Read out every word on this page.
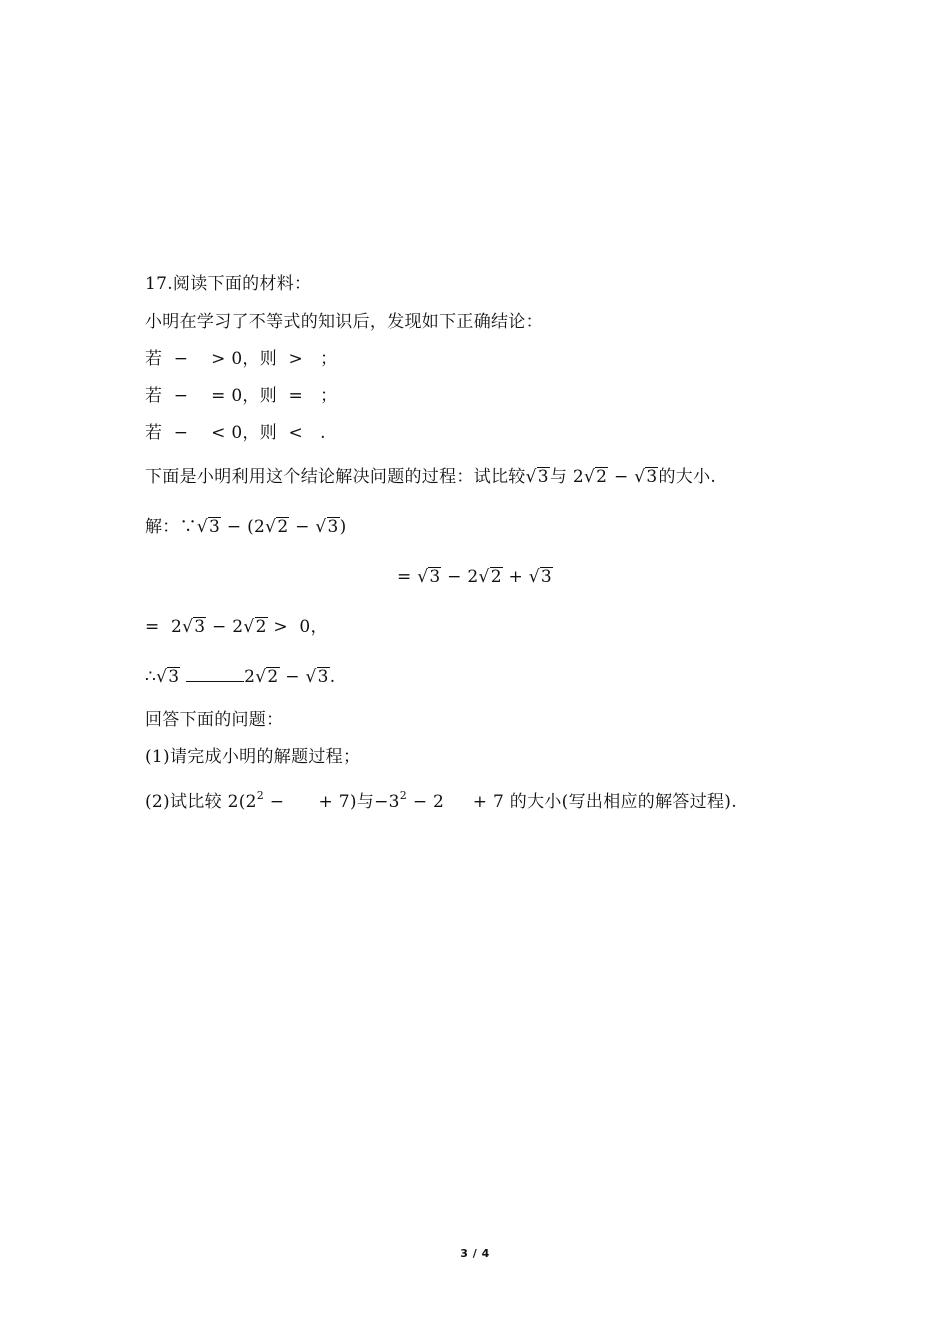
17.阅读下面的材料：
小明在学习了不等式的知识后，发现如下正确结论：
若  −    > 0，则  >   ；
若  −    = 0，则  =   ；
若  −    < 0，则  <   .
下面是小明利用这个结论解决问题的过程：试比较√3与 2√2 − √3的大小.
解：∵√3 − (2√2 − √3)
= √3 − 2√2 + √3
=  2√3 − 2√2 >  0，
∴√3	2√2 − √3.
回答下面的问题：
(1)请完成小明的解题过程；
(2)试比较 $2(2^2$ −      + 7)与$-3^2 - 2$     + 7 的大小(写出相应的解答过程).
3 / 4
